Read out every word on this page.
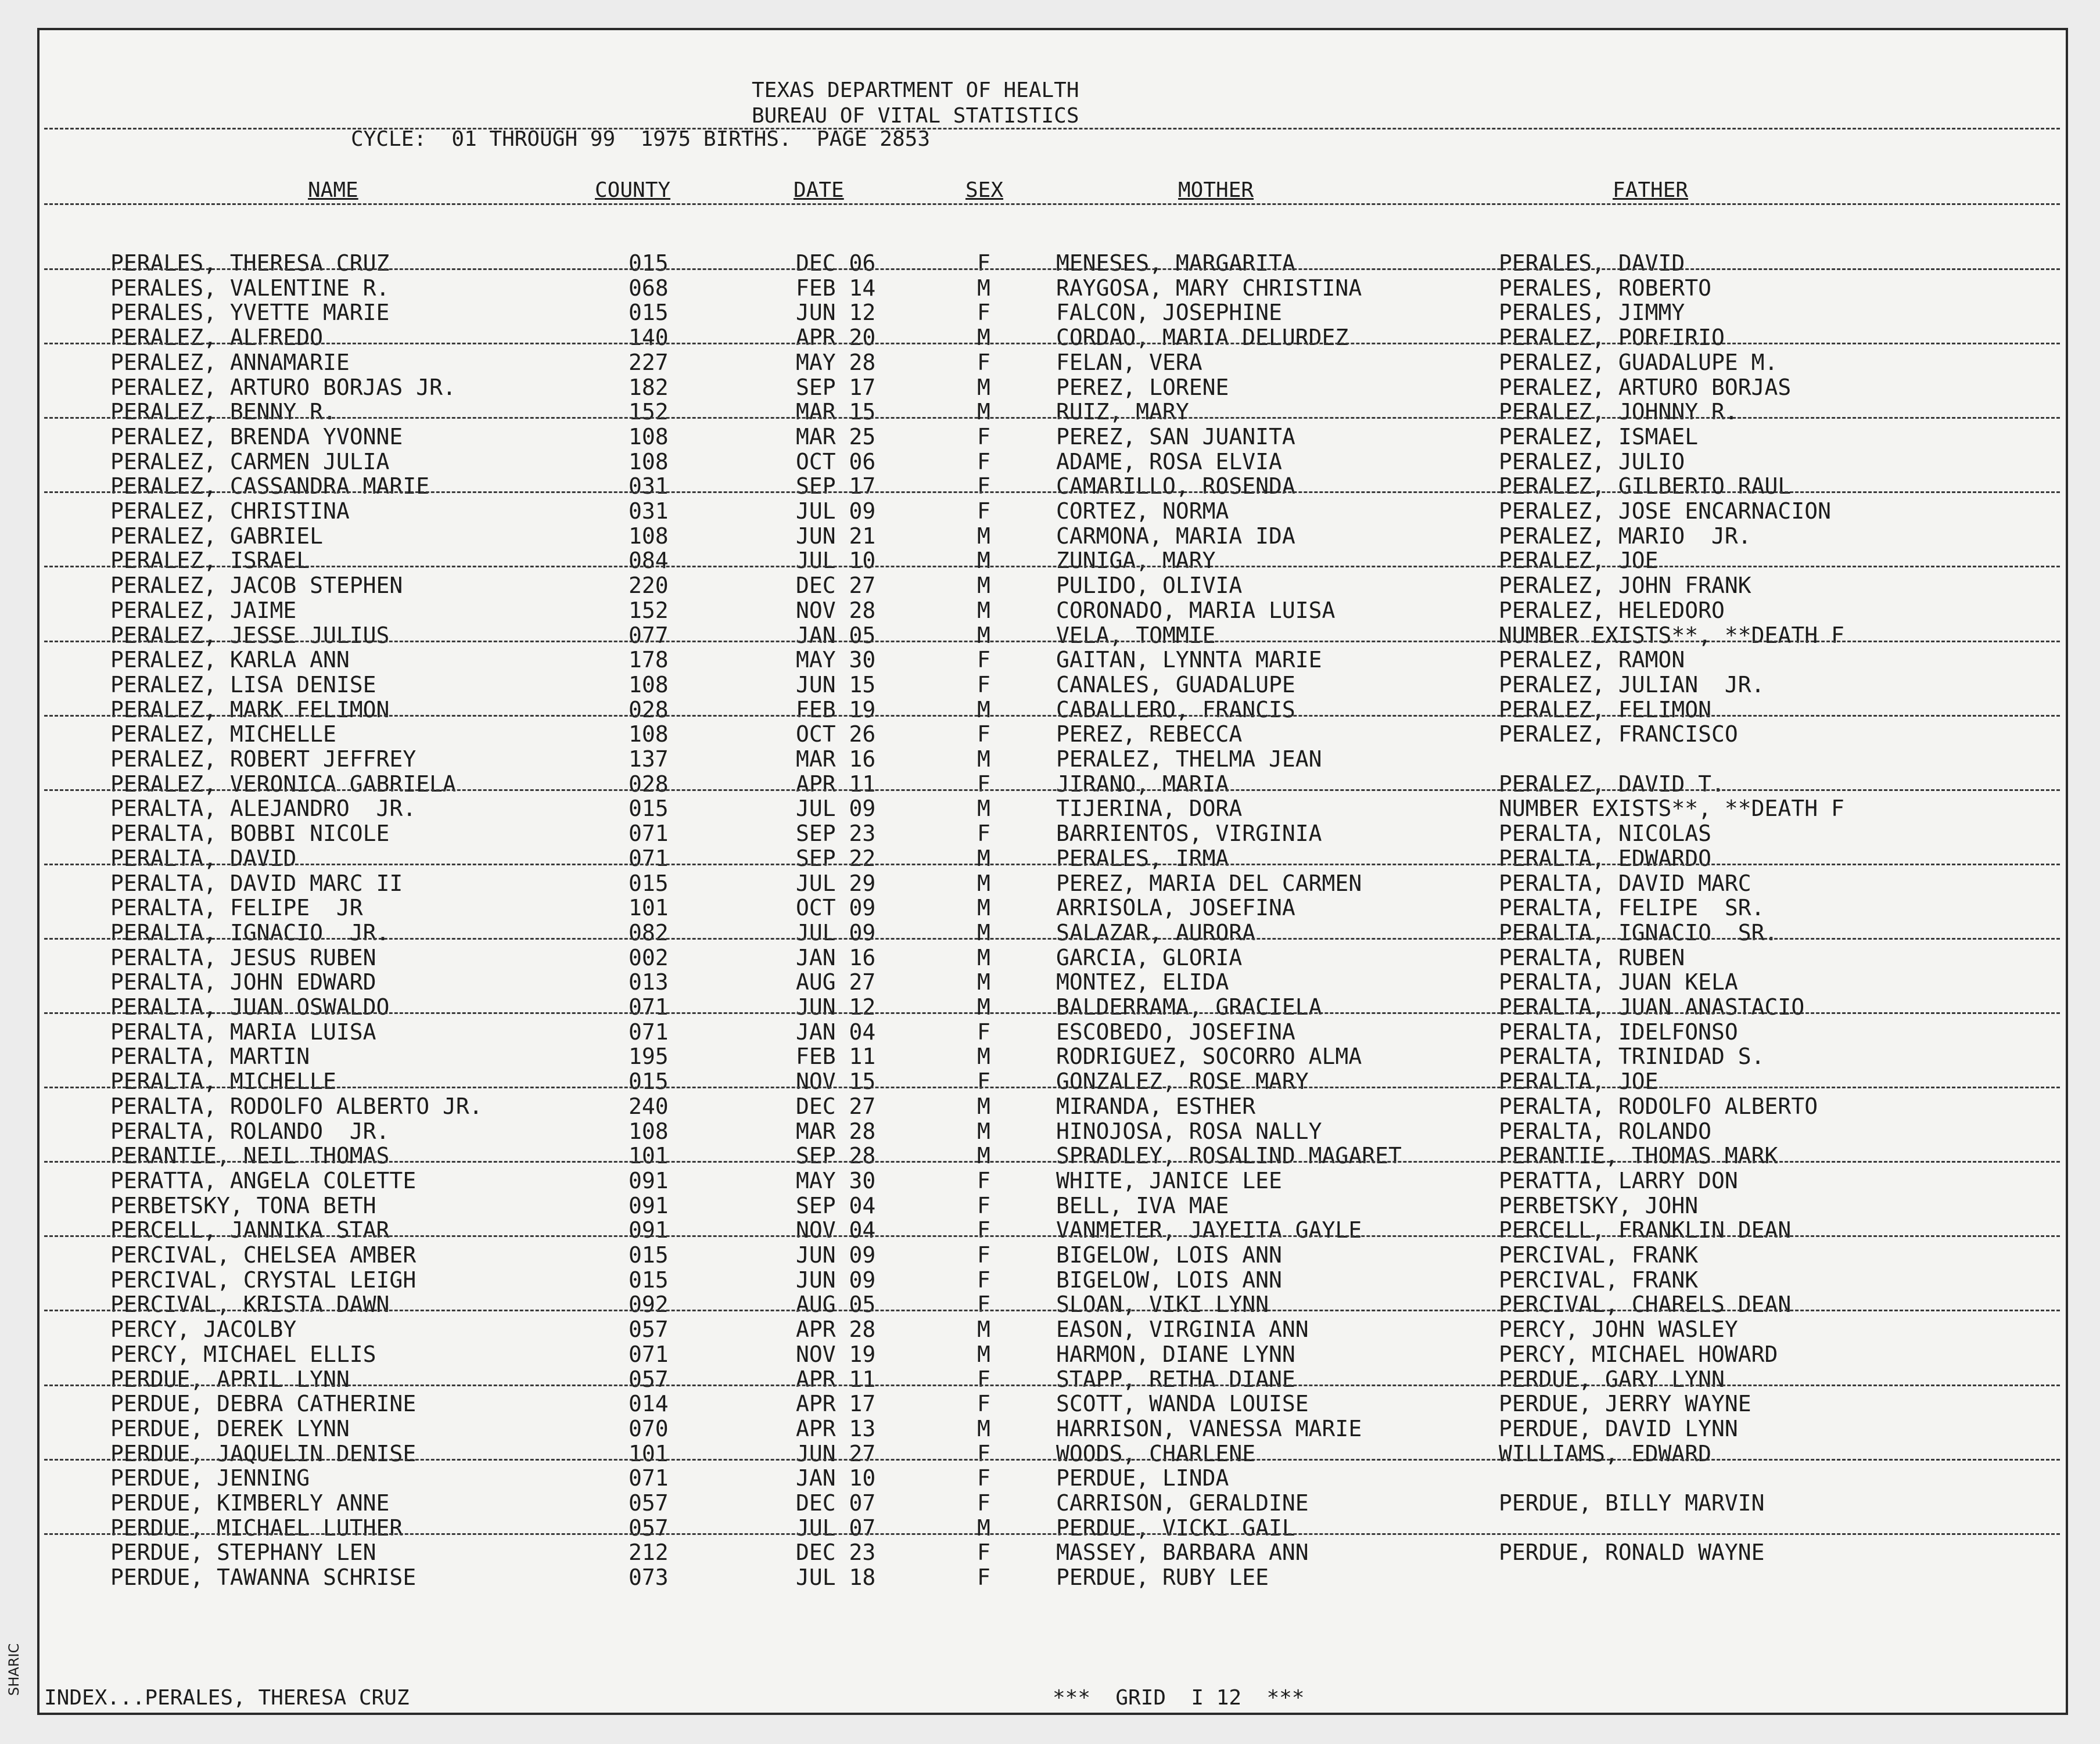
TEXAS DEPARTMENT OF HEALTH
BUREAU OF VITAL STATISTICS
CYCLE:  01 THROUGH 99  1975 BIRTHS.  PAGE 2853
NAME	COUNTY	DATE	SEX	MOTHER	FATHER
PERALES, THERESA CRUZ	015	DEC 06	F	MENESES, MARGARITA	PERALES, DAVID
PERALES, VALENTINE R.	068	FEB 14	M	RAYGOSA, MARY CHRISTINA	PERALES, ROBERTO
PERALES, YVETTE MARIE	015	JUN 12	F	FALCON, JOSEPHINE	PERALES, JIMMY
PERALEZ, ALFREDO	140	APR 20	M	CORDAO, MARIA DELURDEZ	PERALEZ, PORFIRIO
PERALEZ, ANNAMARIE	227	MAY 28	F	FELAN, VERA	PERALEZ, GUADALUPE M.
PERALEZ, ARTURO BORJAS JR.	182	SEP 17	M	PEREZ, LORENE	PERALEZ, ARTURO BORJAS
PERALEZ, BENNY R.	152	MAR 15	M	RUIZ, MARY	PERALEZ, JOHNNY R.
PERALEZ, BRENDA YVONNE	108	MAR 25	F	PEREZ, SAN JUANITA	PERALEZ, ISMAEL
PERALEZ, CARMEN JULIA	108	OCT 06	F	ADAME, ROSA ELVIA	PERALEZ, JULIO
PERALEZ, CASSANDRA MARIE	031	SEP 17	F	CAMARILLO, ROSENDA	PERALEZ, GILBERTO RAUL
PERALEZ, CHRISTINA	031	JUL 09	F	CORTEZ, NORMA	PERALEZ, JOSE ENCARNACION
PERALEZ, GABRIEL	108	JUN 21	M	CARMONA, MARIA IDA	PERALEZ, MARIO  JR.
PERALEZ, ISRAEL	084	JUL 10	M	ZUNIGA, MARY	PERALEZ, JOE
PERALEZ, JACOB STEPHEN	220	DEC 27	M	PULIDO, OLIVIA	PERALEZ, JOHN FRANK
PERALEZ, JAIME	152	NOV 28	M	CORONADO, MARIA LUISA	PERALEZ, HELEDORO
PERALEZ, JESSE JULIUS	077	JAN 05	M	VELA, TOMMIE	NUMBER EXISTS**, **DEATH F
PERALEZ, KARLA ANN	178	MAY 30	F	GAITAN, LYNNTA MARIE	PERALEZ, RAMON
PERALEZ, LISA DENISE	108	JUN 15	F	CANALES, GUADALUPE	PERALEZ, JULIAN  JR.
PERALEZ, MARK FELIMON	028	FEB 19	M	CABALLERO, FRANCIS	PERALEZ, FELIMON
PERALEZ, MICHELLE	108	OCT 26	F	PEREZ, REBECCA	PERALEZ, FRANCISCO
PERALEZ, ROBERT JEFFREY	137	MAR 16	M	PERALEZ, THELMA JEAN
PERALEZ, VERONICA GABRIELA	028	APR 11	F	JIRANO, MARIA	PERALEZ, DAVID T.
PERALTA, ALEJANDRO  JR.	015	JUL 09	M	TIJERINA, DORA	NUMBER EXISTS**, **DEATH F
PERALTA, BOBBI NICOLE	071	SEP 23	F	BARRIENTOS, VIRGINIA	PERALTA, NICOLAS
PERALTA, DAVID	071	SEP 22	M	PERALES, IRMA	PERALTA, EDWARDO
PERALTA, DAVID MARC II	015	JUL 29	M	PEREZ, MARIA DEL CARMEN	PERALTA, DAVID MARC
PERALTA, FELIPE  JR	101	OCT 09	M	ARRISOLA, JOSEFINA	PERALTA, FELIPE  SR.
PERALTA, IGNACIO  JR.	082	JUL 09	M	SALAZAR, AURORA	PERALTA, IGNACIO  SR.
PERALTA, JESUS RUBEN	002	JAN 16	M	GARCIA, GLORIA	PERALTA, RUBEN
PERALTA, JOHN EDWARD	013	AUG 27	M	MONTEZ, ELIDA	PERALTA, JUAN KELA
PERALTA, JUAN OSWALDO	071	JUN 12	M	BALDERRAMA, GRACIELA	PERALTA, JUAN ANASTACIO
PERALTA, MARIA LUISA	071	JAN 04	F	ESCOBEDO, JOSEFINA	PERALTA, IDELFONSO
PERALTA, MARTIN	195	FEB 11	M	RODRIGUEZ, SOCORRO ALMA	PERALTA, TRINIDAD S.
PERALTA, MICHELLE	015	NOV 15	F	GONZALEZ, ROSE MARY	PERALTA, JOE
PERALTA, RODOLFO ALBERTO JR.	240	DEC 27	M	MIRANDA, ESTHER	PERALTA, RODOLFO ALBERTO
PERALTA, ROLANDO  JR.	108	MAR 28	M	HINOJOSA, ROSA NALLY	PERALTA, ROLANDO
PERANTIE, NEIL THOMAS	101	SEP 28	M	SPRADLEY, ROSALIND MAGARET	PERANTIE, THOMAS MARK
PERATTA, ANGELA COLETTE	091	MAY 30	F	WHITE, JANICE LEE	PERATTA, LARRY DON
PERBETSKY, TONA BETH	091	SEP 04	F	BELL, IVA MAE	PERBETSKY, JOHN
PERCELL, JANNIKA STAR	091	NOV 04	F	VANMETER, JAYEITA GAYLE	PERCELL, FRANKLIN DEAN
PERCIVAL, CHELSEA AMBER	015	JUN 09	F	BIGELOW, LOIS ANN	PERCIVAL, FRANK
PERCIVAL, CRYSTAL LEIGH	015	JUN 09	F	BIGELOW, LOIS ANN	PERCIVAL, FRANK
PERCIVAL, KRISTA DAWN	092	AUG 05	F	SLOAN, VIKI LYNN	PERCIVAL, CHARELS DEAN
PERCY, JACOLBY	057	APR 28	M	EASON, VIRGINIA ANN	PERCY, JOHN WASLEY
PERCY, MICHAEL ELLIS	071	NOV 19	M	HARMON, DIANE LYNN	PERCY, MICHAEL HOWARD
PERDUE, APRIL LYNN	057	APR 11	F	STAPP, RETHA DIANE	PERDUE, GARY LYNN
PERDUE, DEBRA CATHERINE	014	APR 17	F	SCOTT, WANDA LOUISE	PERDUE, JERRY WAYNE
PERDUE, DEREK LYNN	070	APR 13	M	HARRISON, VANESSA MARIE	PERDUE, DAVID LYNN
PERDUE, JAQUELIN DENISE	101	JUN 27	F	WOODS, CHARLENE	WILLIAMS, EDWARD
PERDUE, JENNING	071	JAN 10	F	PERDUE, LINDA
PERDUE, KIMBERLY ANNE	057	DEC 07	F	CARRISON, GERALDINE	PERDUE, BILLY MARVIN
PERDUE, MICHAEL LUTHER	057	JUL 07	M	PERDUE, VICKI GAIL
PERDUE, STEPHANY LEN	212	DEC 23	F	MASSEY, BARBARA ANN	PERDUE, RONALD WAYNE
PERDUE, TAWANNA SCHRISE	073	JUL 18	F	PERDUE, RUBY LEE
INDEX...PERALES, THERESA CRUZ	***  GRID  I 12  ***
SHARIC
